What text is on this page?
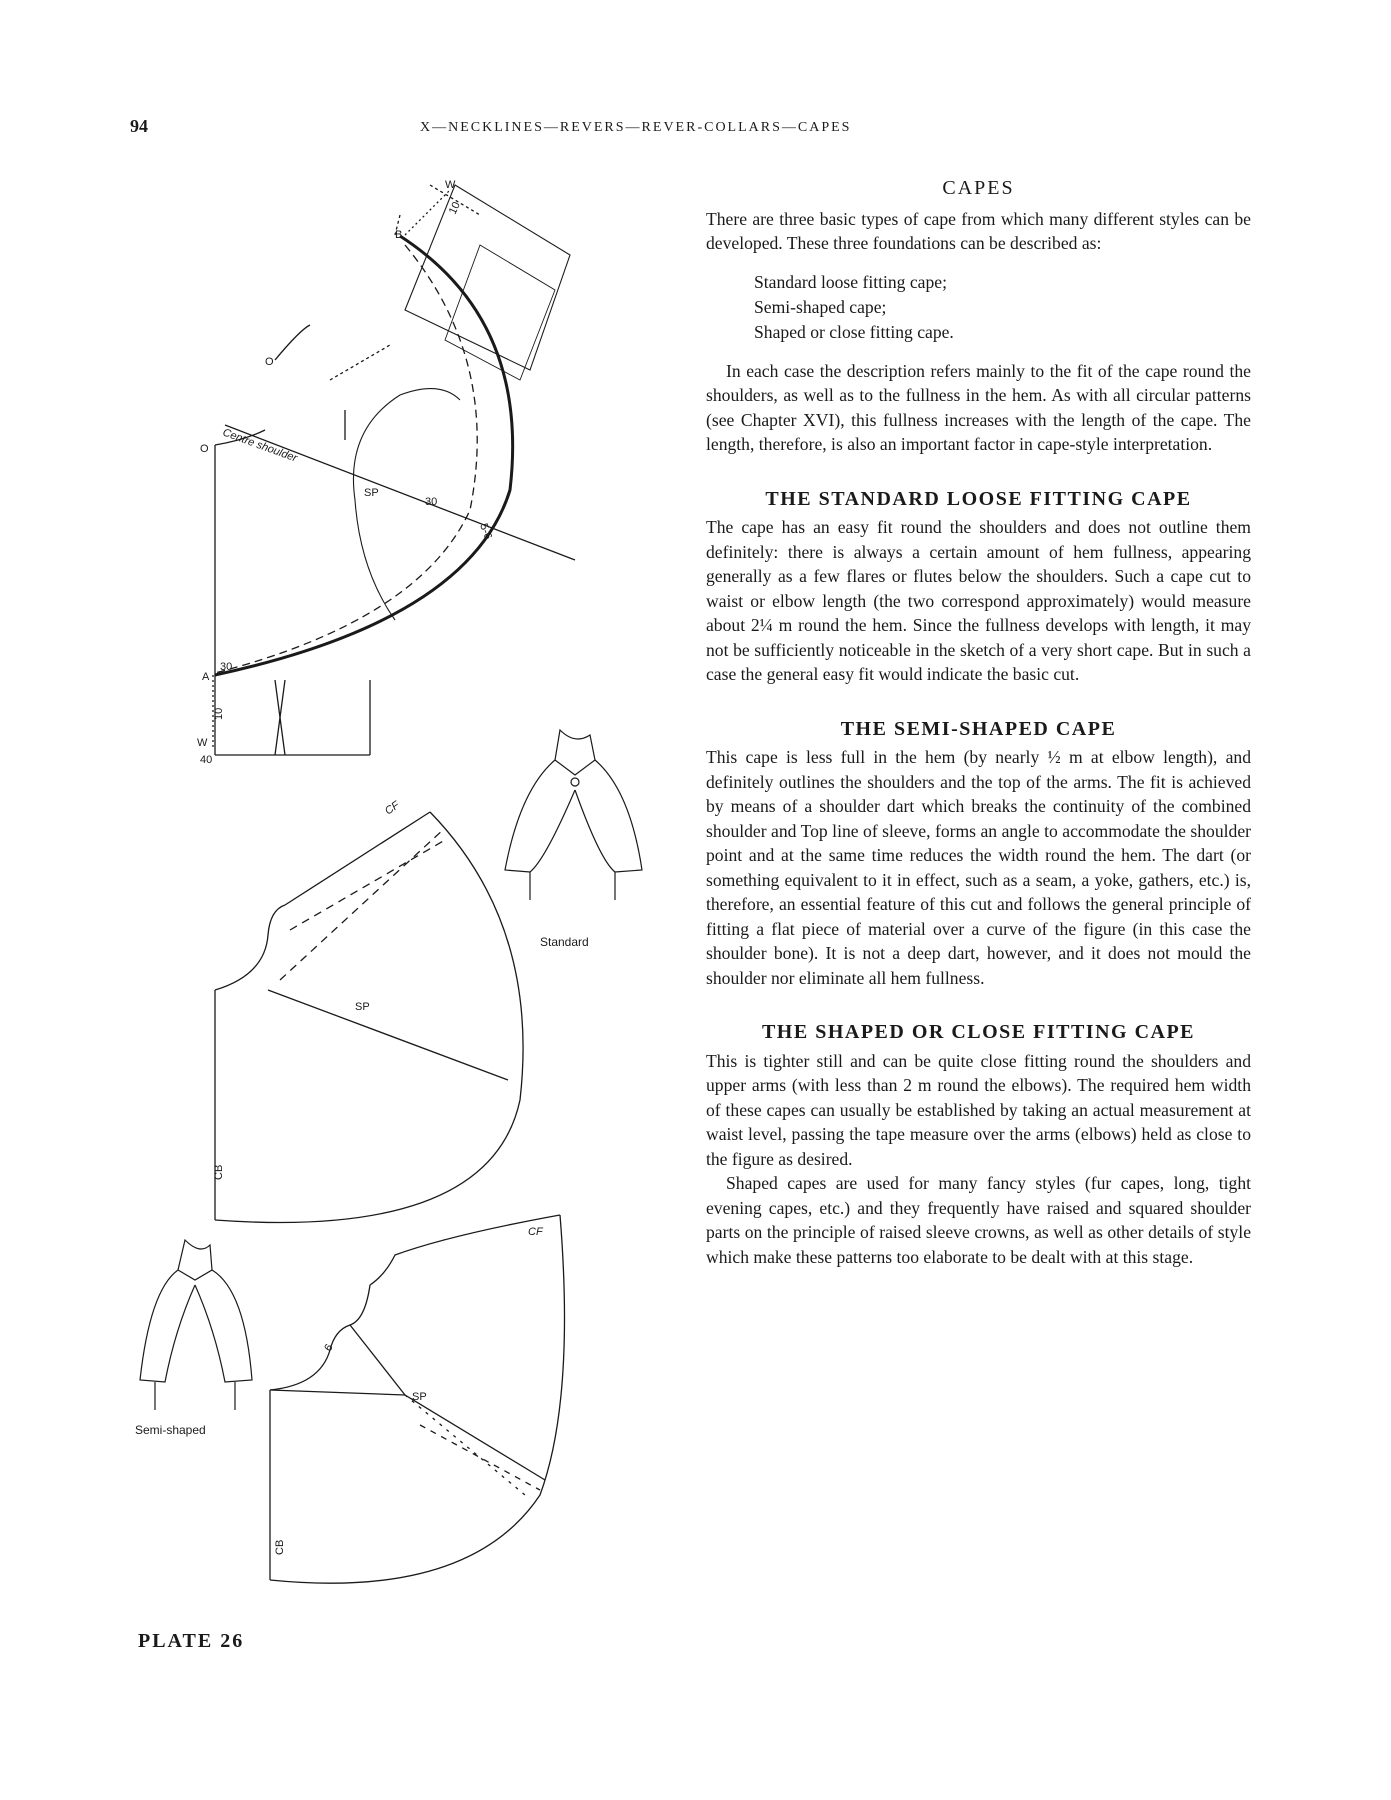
94	X—NECKLINES—REVERS—REVER-COLLARS—CAPES
W
10
B
O
O Centre shoulder
SP
30
5-6
A
30
10
W
40
CF
SP
CB
CF
6
SP
CB
Standard
Semi-shaped
CAPES

There are three basic types of cape from which many different styles can be developed. These three foundations can be described as:

Standard loose fitting cape;
Semi-shaped cape;
Shaped or close fitting cape.

In each case the description refers mainly to the fit of the cape round the shoulders, as well as to the fullness in the hem. As with all circular patterns (see Chapter XVI), this fullness increases with the length of the cape. The length, therefore, is also an important factor in cape-style interpretation.

THE STANDARD LOOSE FITTING CAPE

The cape has an easy fit round the shoulders and does not outline them definitely: there is always a certain amount of hem fullness, appearing generally as a few flares or flutes below the shoulders. Such a cape cut to waist or elbow length (the two correspond approximately) would measure about 2¼ m round the hem. Since the fullness develops with length, it may not be sufficiently noticeable in the sketch of a very short cape. But in such a case the general easy fit would indicate the basic cut.

THE SEMI-SHAPED CAPE

This cape is less full in the hem (by nearly ½ m at elbow length), and definitely outlines the shoulders and the top of the arms. The fit is achieved by means of a shoulder dart which breaks the continuity of the combined shoulder and Top line of sleeve, forms an angle to accommodate the shoulder point and at the same time reduces the width round the hem. The dart (or something equivalent to it in effect, such as a seam, a yoke, gathers, etc.) is, therefore, an essential feature of this cut and follows the general principle of fitting a flat piece of material over a curve of the figure (in this case the shoulder bone). It is not a deep dart, however, and it does not mould the shoulder nor eliminate all hem fullness.

THE SHAPED OR CLOSE FITTING CAPE

This is tighter still and can be quite close fitting round the shoulders and upper arms (with less than 2 m round the elbows). The required hem width of these capes can usually be established by taking an actual measurement at waist level, passing the tape measure over the arms (elbows) held as close to the figure as desired.

Shaped capes are used for many fancy styles (fur capes, long, tight evening capes, etc.) and they frequently have raised and squared shoulder parts on the principle of raised sleeve crowns, as well as other details of style which make these patterns too elaborate to be dealt with at this stage.

PLATE 26
